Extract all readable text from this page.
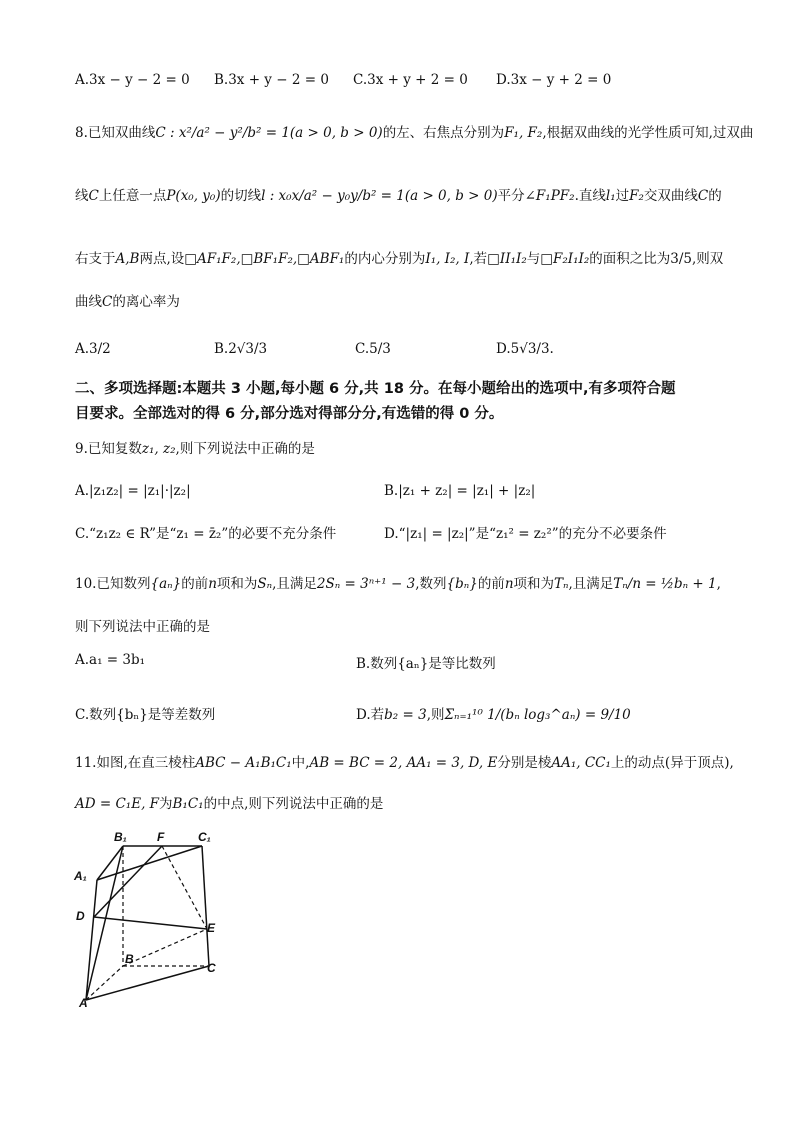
A.3x − y − 2 = 0 B.3x + y − 2 = 0 C.3x + y + 2 = 0 D.3x − y + 2 = 0
8.已知双曲线C : x²/a² − y²/b² = 1(a > 0, b > 0)的左、右焦点分别为F₁, F₂,根据双曲线的光学性质可知,过双曲
线C上任意一点P(x₀, y₀)的切线l : x₀x/a² − y₀y/b² = 1(a > 0, b > 0)平分∠F₁PF₂.直线l₁过F₂交双曲线C的
右支于A,B两点,设□AF₁F₂,□BF₁F₂,□ABF₁的内心分别为I₁, I₂, I,若□II₁I₂与□F₂I₁I₂的面积之比为3/5,则双
曲线C的离心率为
A.3/2	B.2√3/3	C.5/3	D.5√3/3.
二、多项选择题:本题共 3 小题,每小题 6 分,共 18 分。在每小题给出的选项中,有多项符合题
目要求。全部选对的得 6 分,部分选对得部分分,有选错的得 0 分。
9.已知复数z₁, z₂,则下列说法中正确的是
A.|z₁z₂| = |z₁|·|z₂|	B.|z₁ + z₂| = |z₁| + |z₂|
C.“z₁z₂ ∈ R”是“z₁ = z̄₂”的必要不充分条件	D.“|z₁| = |z₂|”是“z₁² = z₂²”的充分不必要条件
10.已知数列{aₙ}的前n项和为Sₙ,且满足2Sₙ = 3ⁿ⁺¹ − 3,数列{bₙ}的前n项和为Tₙ,且满足Tₙ/n = ½bₙ + 1,
则下列说法中正确的是
A.a₁ = 3b₁	B.数列{aₙ}是等比数列
C.数列{bₙ}是等差数列	D.若b₂ = 3,则Σₙ₌₁¹⁰ 1/(bₙ log₃^aₙ) = 9/10
11.如图,在直三棱柱ABC − A₁B₁C₁中,AB = BC = 2, AA₁ = 3, D, E分别是棱AA₁, CC₁上的动点(异于顶点),
AD = C₁E, F为B₁C₁的中点,则下列说法中正确的是
B₁	F	C₁
A₁
D
E
B
C
A
